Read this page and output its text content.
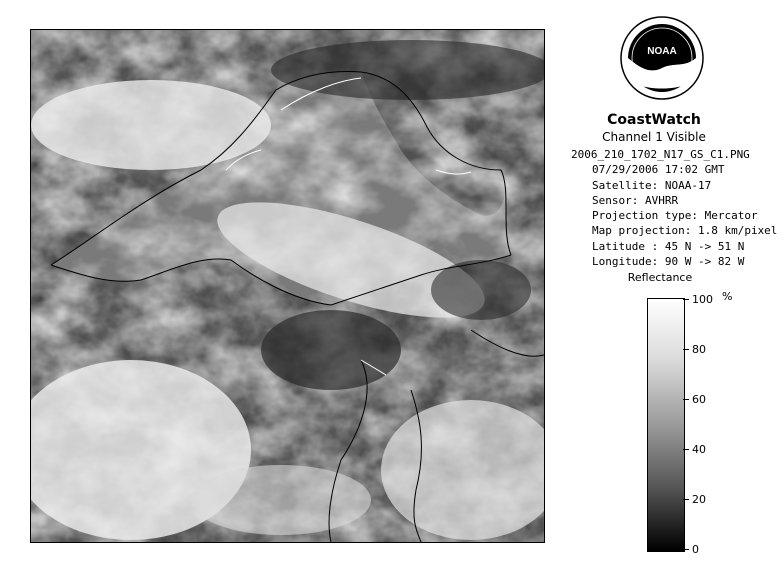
NOAA
CoastWatch
Channel 1 Visible
2006_210_1702_N17_GS_C1.PNG
07/29/2006 17:02 GMT
Satellite: NOAA-17
Sensor: AVHRR
Projection type: Mercator
Map projection: 1.8 km/pixel
Latitude : 45 N -> 51 N
Longitude: 90 W -> 82 W
Reflectance
%
100
80
60
40
20
0
